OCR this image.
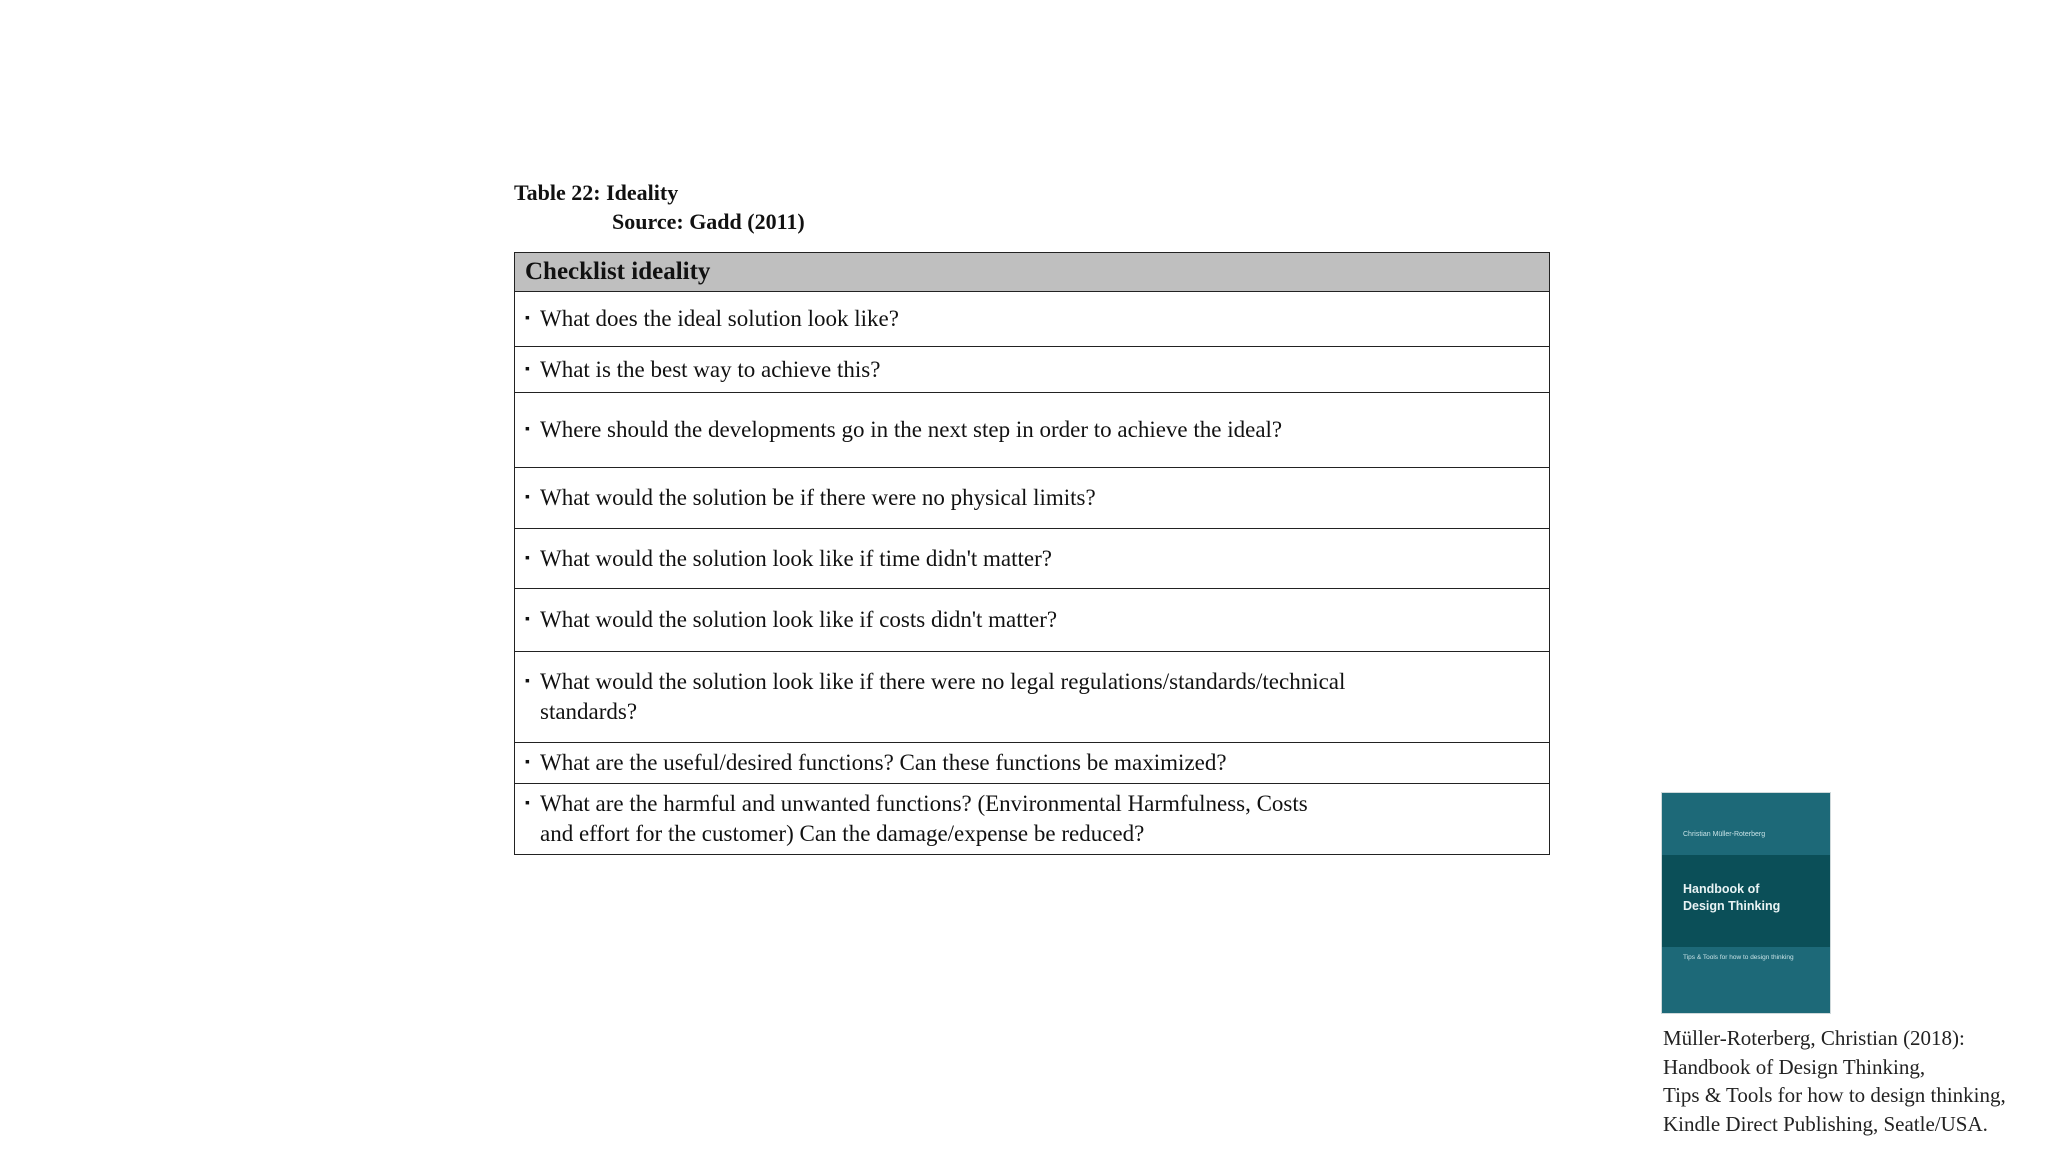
Table 22: Ideality
Source: Gadd (2011)
Checklist ideality

▪ What does the ideal solution look like?

▪ What is the best way to achieve this?

▪ Where should the developments go in the next step in order to achieve the ideal?

▪ What would the solution be if there were no physical limits?

▪ What would the solution look like if time didn't matter?

▪ What would the solution look like if costs didn't matter?

▪ What would the solution look like if there were no legal regulations/standards/technical standards?

▪ What are the useful/desired functions? Can these functions be maximized?

▪ What are the harmful and unwanted functions? (Environmental Harmfulness, Costs and effort for the customer) Can the damage/expense be reduced?	Christian Müller-Roterberg
Handbook of
Design Thinking
Tips & Tools for how to design thinking
Müller-Roterberg, Christian (2018):
Handbook of Design Thinking,
Tips & Tools for how to design thinking,
Kindle Direct Publishing, Seatle/USA.
